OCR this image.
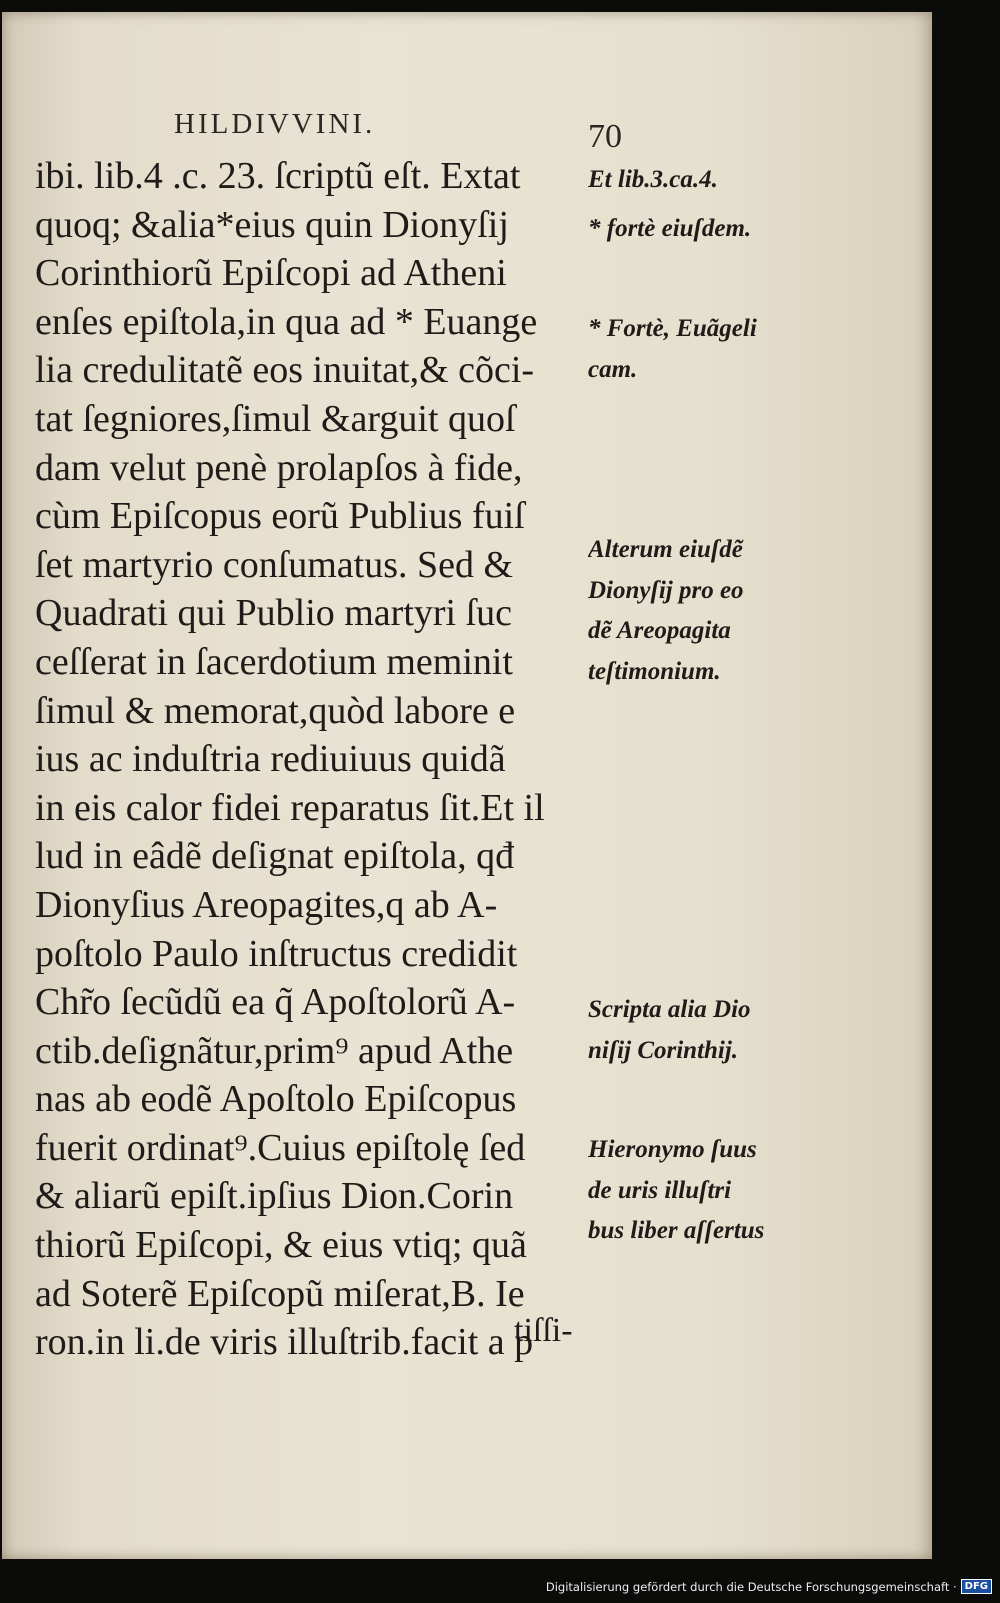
HILDIVVINI.	70
ibi. lib.4 .c. 23. ſcriptũ eſt. Extat
quoq; &alia*eius quin Dionyſij
Corinthiorũ Epiſcopi ad Atheni
enſes epiſtola,in qua ad * Euange
lia credulitatẽ eos inuitat,& cõci-
tat ſegniores,ſimul &arguit quoſ
dam velut penè prolapſos à fide,
cùm Epiſcopus eorũ Publius fuiſ
ſet martyrio conſumatus. Sed &
Quadrati qui Publio martyri ſuc
ceſſerat in ſacerdotium meminit
ſimul & memorat,quòd labore e
ius ac induſtria rediuiuus quidã
in eis calor fidei reparatus ſit.Et il
lud in eâdẽ deſignat epiſtola, qđ
Dionyſius Areopagites,q ab A-
poſtolo Paulo inſtructus credidit
Chr̃o ſecũdũ ea q̃ Apoſtolorũ A-
ctib.deſignãtur,prim⁹ apud Athe
nas ab eodẽ Apoſtolo Epiſcopus
fuerit ordinat⁹.Cuius epiſtolę ſed
& aliarũ epiſt.ipſius Dion.Corin
thiorũ Epiſcopi, & eius vtiq; quã
ad Soterẽ Epiſcopũ miſerat,B. Ie
ron.in li.de viris illuſtrib.facit a p
tiſſi-
Et lib.3.ca.4.
* fortè eiuſdem.
* Fortè, Euãgeli
cam.
Alterum eiuſdẽ
Dionyſij pro eo
dẽ Areopagita
teſtimonium.
Scripta alia Dio
niſij Corinthij.
Hieronymo ſuus
de uris illuſtri
bus liber aſſertus
Digitalisierung gefördert durch die Deutsche Forschungsgemeinschaft · DFG
